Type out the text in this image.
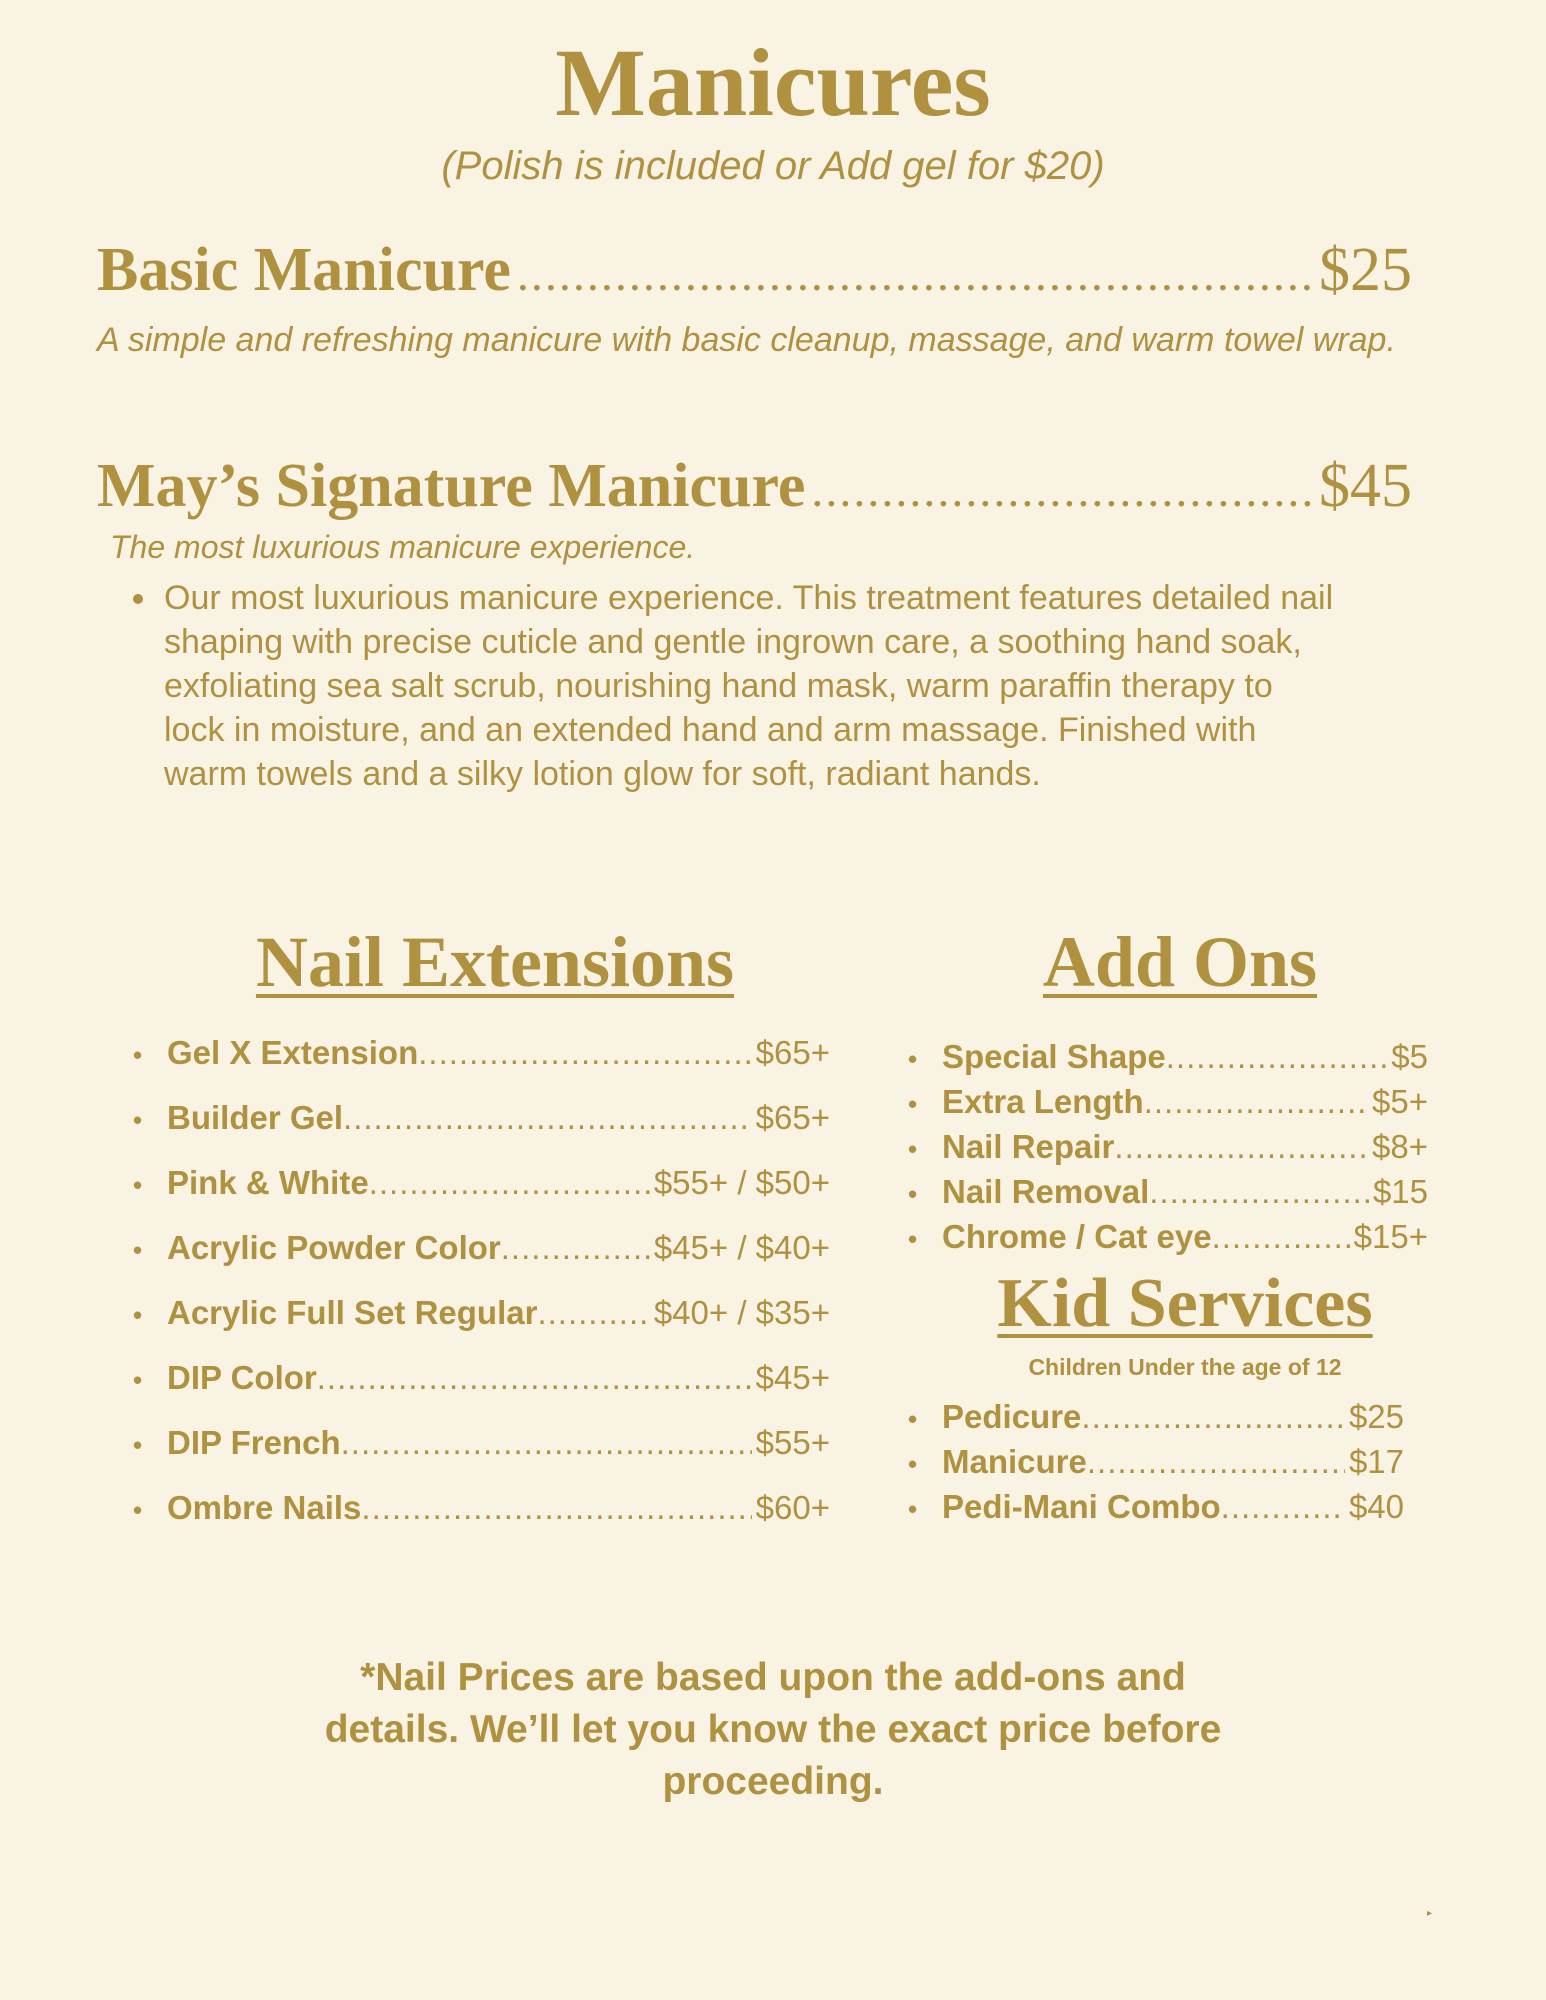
Manicures
(Polish is included or Add gel for $20)
Basic Manicure .....	$25
A simple and refreshing manicure with basic cleanup, massage, and warm towel wrap.
May’s Signature Manicure .....	$45
The most luxurious manicure experience.
• Our most luxurious manicure experience. This treatment features detailed nail shaping with precise cuticle and gentle ingrown care, a soothing hand soak, exfoliating sea salt scrub, nourishing hand mask, warm paraffin therapy to lock in moisture, and an extended hand and arm massage. Finished with warm towels and a silky lotion glow for soft, radiant hands.
Nail Extensions
• Gel X Extension .....	$65+
• Builder Gel .....	$65+
• Pink & White .....	$55+ / $50+
• Acrylic Powder Color .....	$45+ / $40+
• Acrylic Full Set Regular .....	$40+ / $35+
• DIP Color .....	$45+
• DIP French .....	$55+
• Ombre Nails .....	$60+
Add Ons
• Special Shape .....	$5
• Extra Length .....	$5+
• Nail Repair .....	$8+
• Nail Removal .....	$15
• Chrome / Cat eye .....	$15+
Kid Services
Children Under the age of 12
• Pedicure .....	$25
• Manicure .....	$17
• Pedi-Mani Combo .....	$40
*Nail Prices are based upon the add-ons and details. We’ll let you know the exact price before proceeding.
▸
